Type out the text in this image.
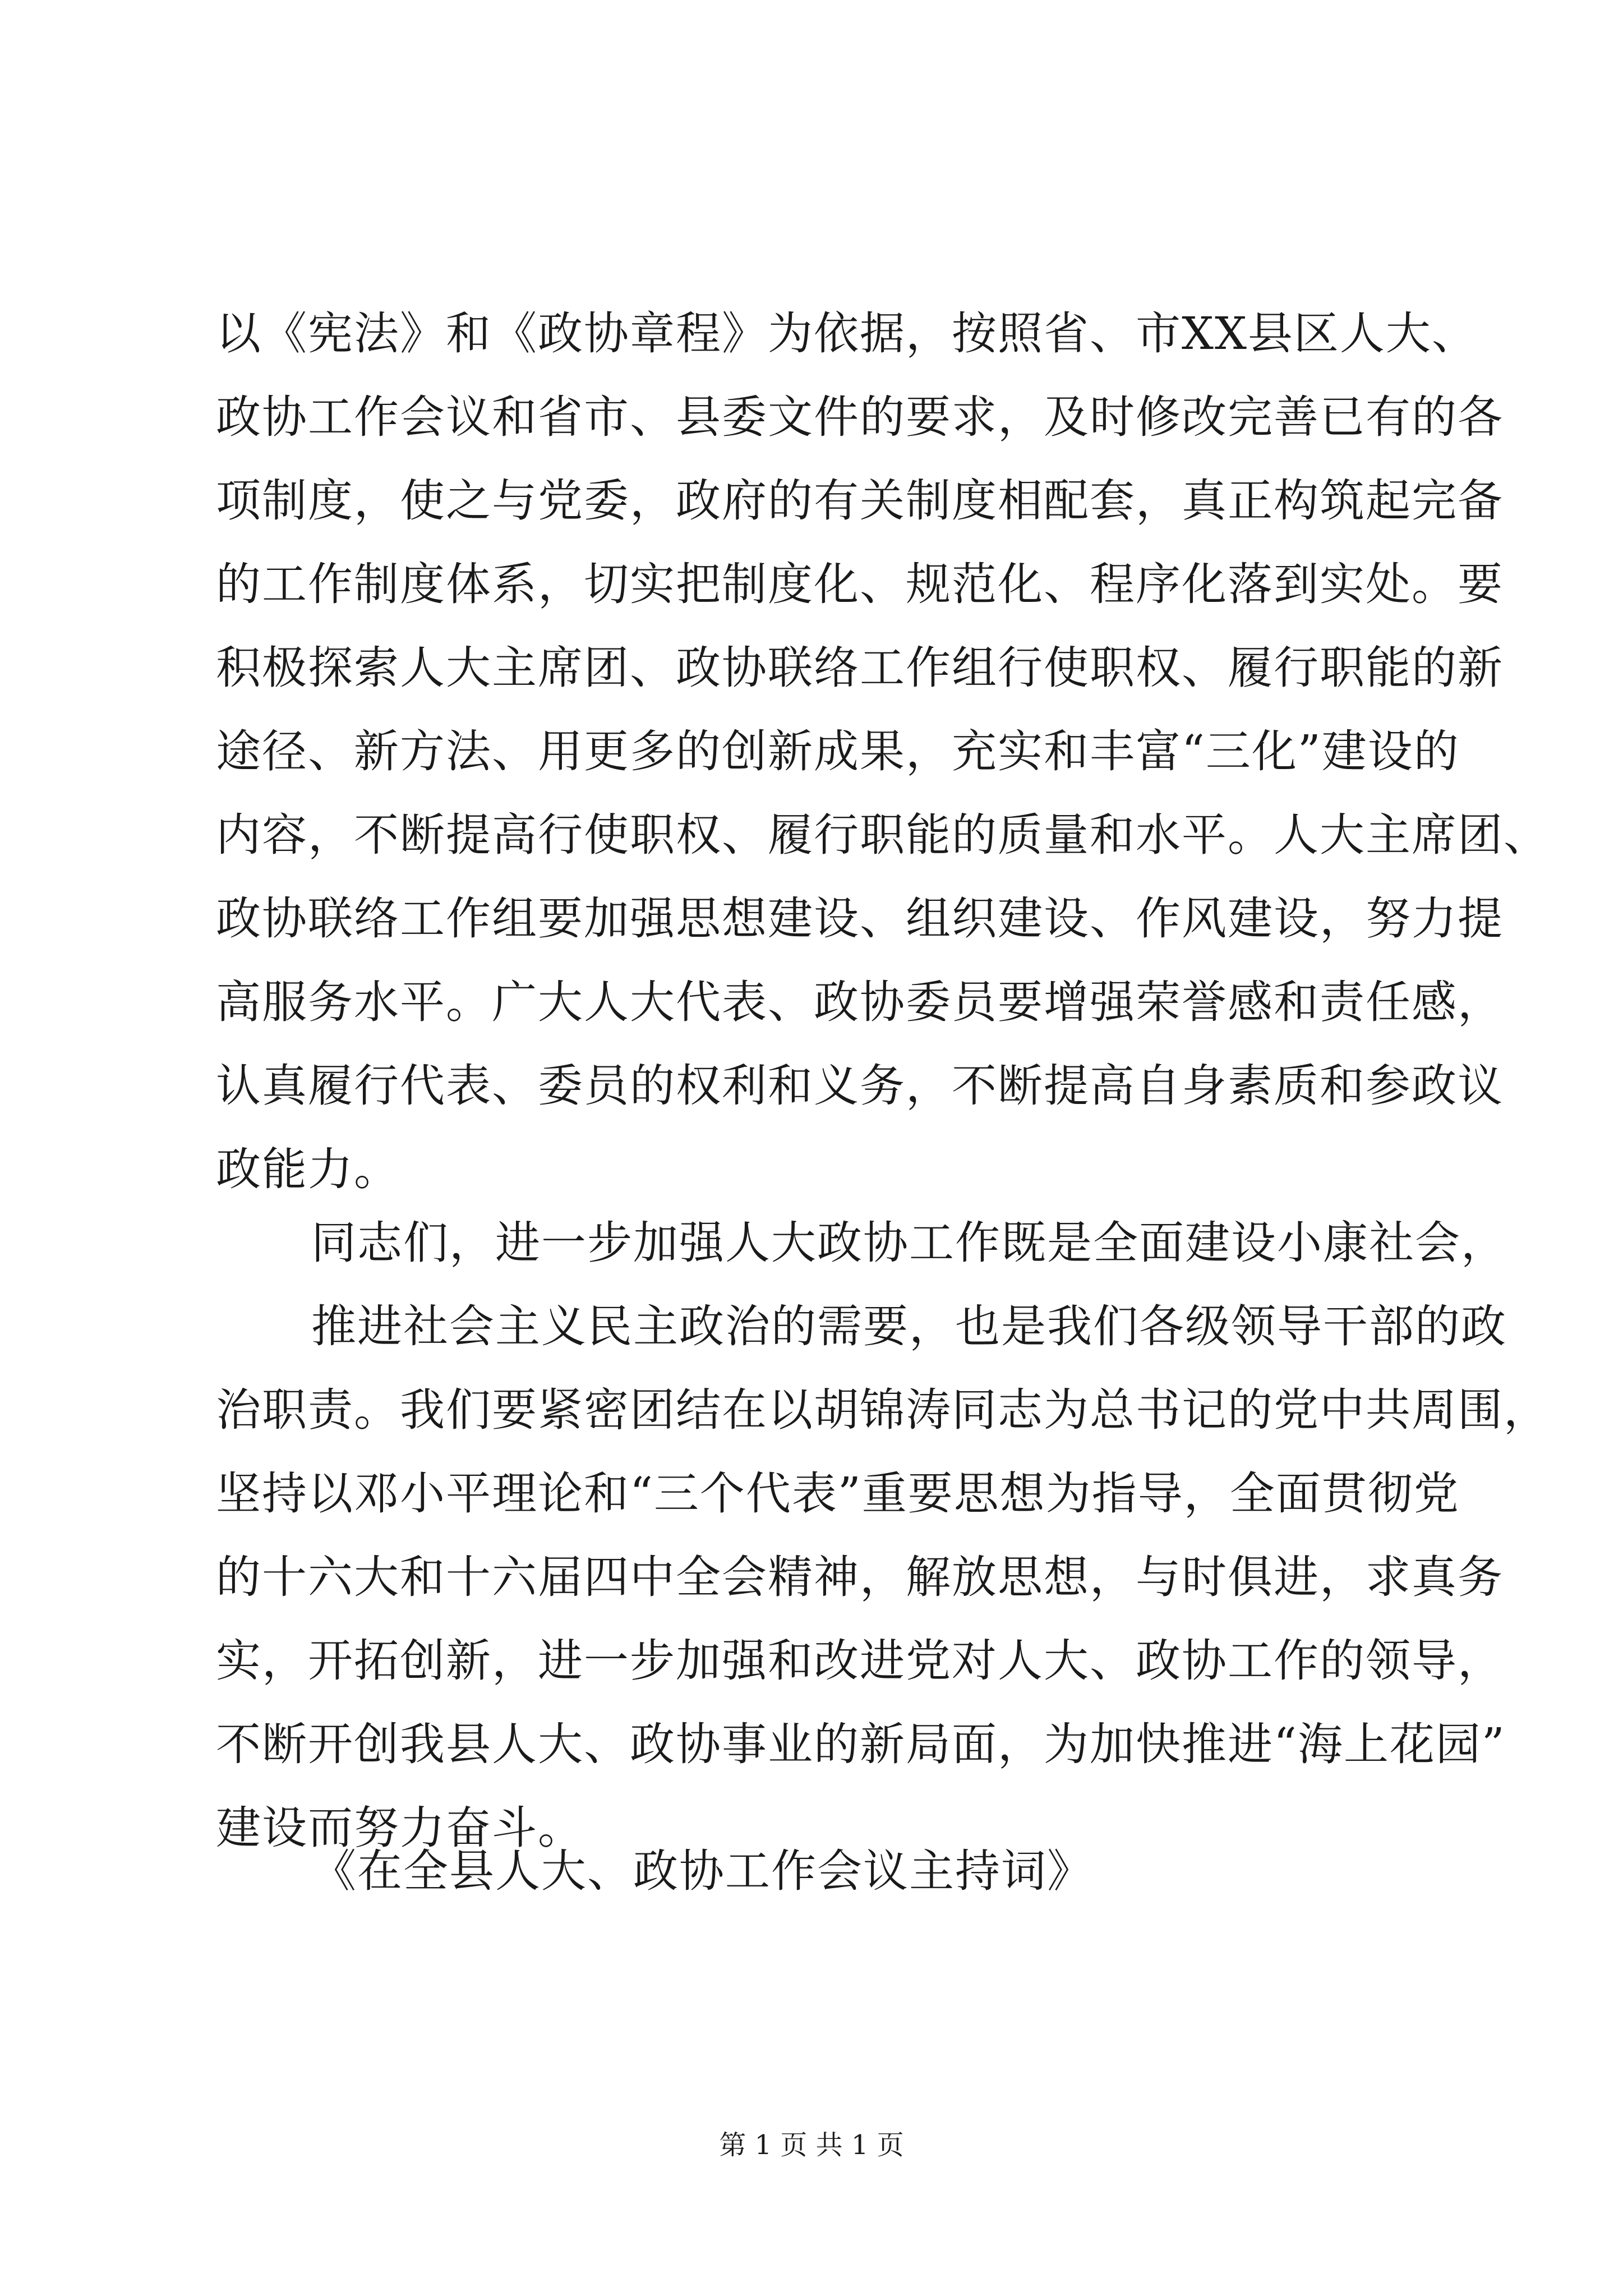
以《宪法》和《政协章程》为依据，按照省、市XX县区人大、
政协工作会议和省市、县委文件的要求，及时修改完善已有的各
项制度，使之与党委，政府的有关制度相配套，真正构筑起完备
的工作制度体系，切实把制度化、规范化、程序化落到实处。要
积极探索人大主席团、政协联络工作组行使职权、履行职能的新
途径、新方法、用更多的创新成果，充实和丰富“三化”建设的
内容，不断提高行使职权、履行职能的质量和水平。人大主席团、
政协联络工作组要加强思想建设、组织建设、作风建设，努力提
高服务水平。广大人大代表、政协委员要增强荣誉感和责任感，
认真履行代表、委员的权利和义务，不断提高自身素质和参政议
政能力。
同志们，进一步加强人大政协工作既是全面建设小康社会，
推进社会主义民主政治的需要，也是我们各级领导干部的政
治职责。我们要紧密团结在以胡锦涛同志为总书记的党中共周围，
坚持以邓小平理论和“三个代表”重要思想为指导，全面贯彻党
的十六大和十六届四中全会精神，解放思想，与时俱进，求真务
实，开拓创新，进一步加强和改进党对人大、政协工作的领导，
不断开创我县人大、政协事业的新局面，为加快推进“海上花园”
建设而努力奋斗。
《在全县人大、政协工作会议主持词》
第 1 页 共 1 页
